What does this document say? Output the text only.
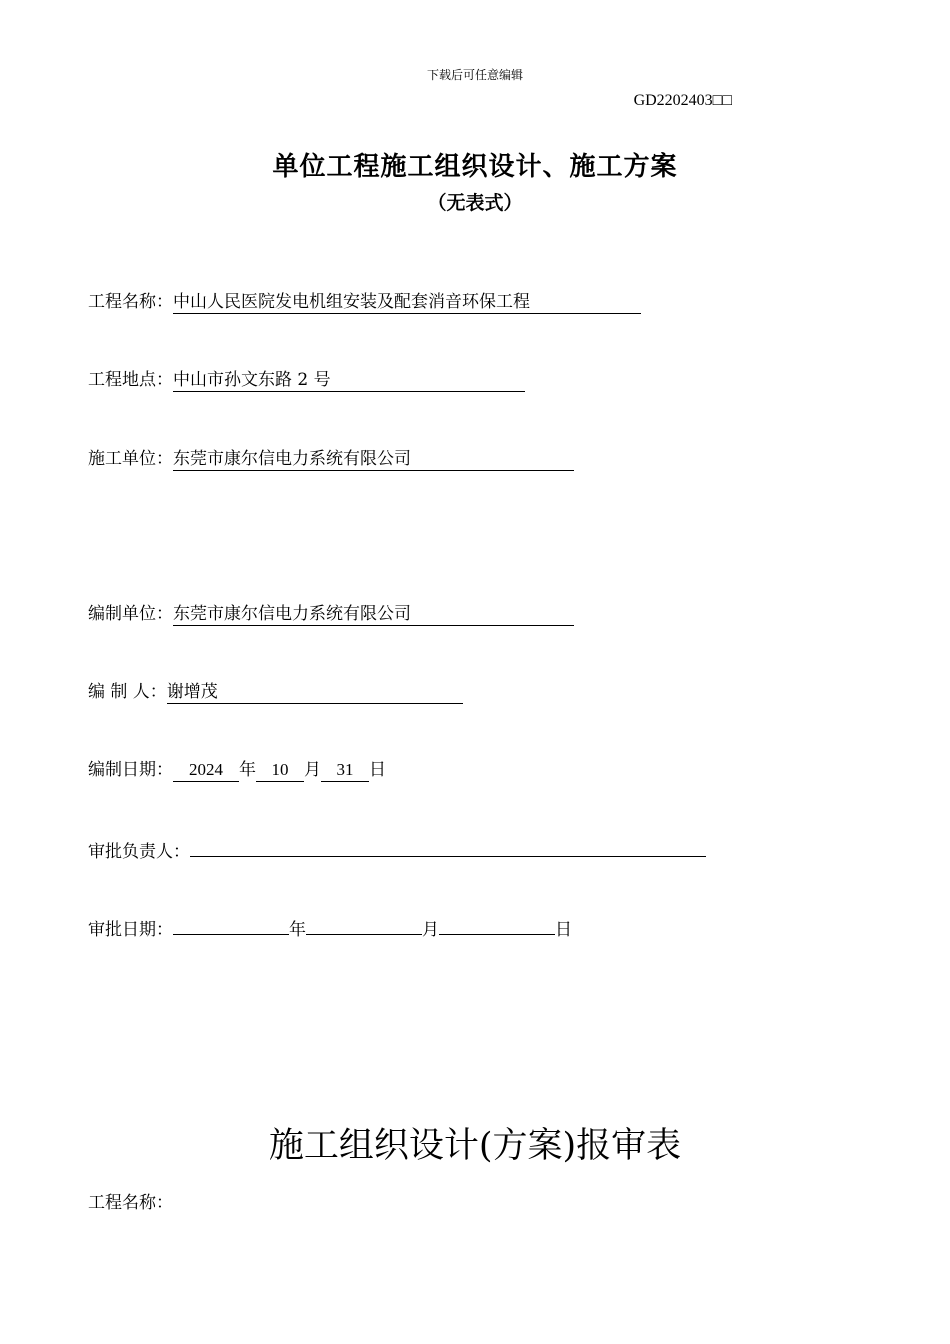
下载后可任意编辑
GD2202403□□
单位工程施工组织设计、施工方案
（无表式）
工程名称： 中山人民医院发电机组安装及配套消音环保工程
工程地点： 中山市孙文东路 2 号
施工单位： 东莞市康尔信电力系统有限公司
编制单位： 东莞市康尔信电力系统有限公司
编 制 人： 谢增茂
编制日期： 2024 年 10 月 31 日
审批负责人：
审批日期：	年	月	日
施工组织设计(方案)报审表
工程名称：
